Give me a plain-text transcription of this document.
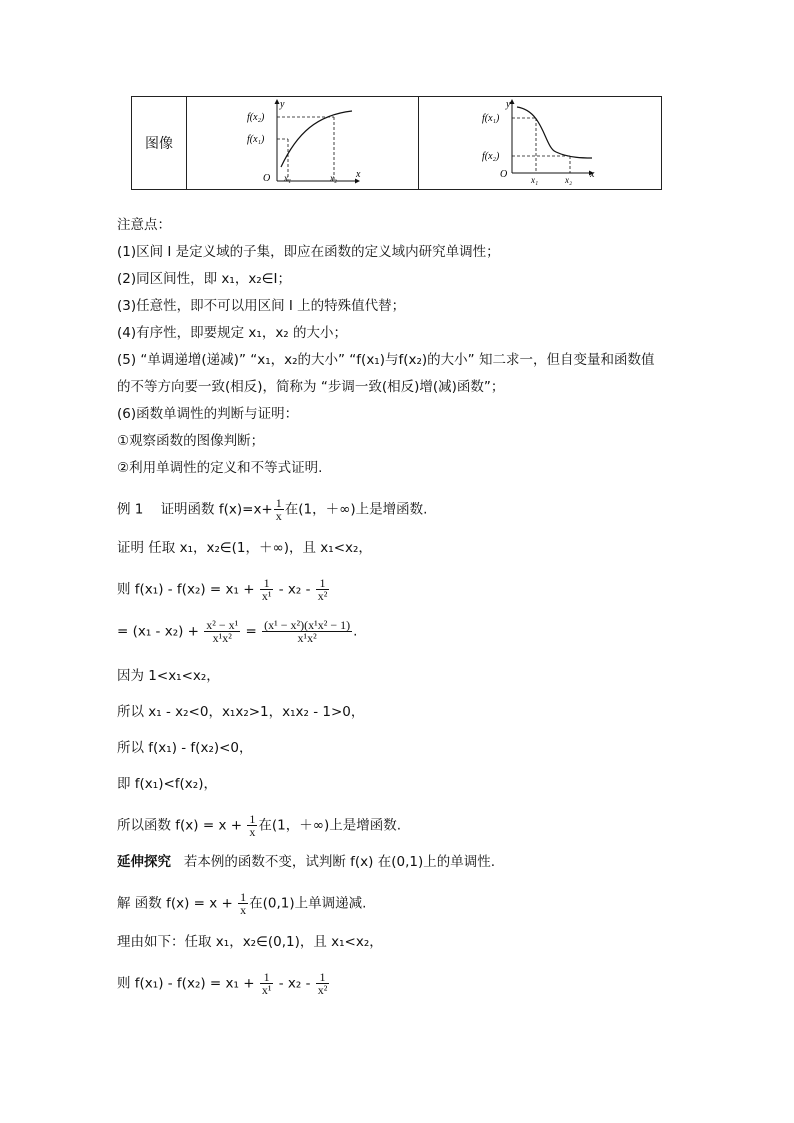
图像
f(x₂)
f(x₁)
y
x
O x₁	x₂
f(x₁)
f(x₂)
y
x
O	x₁	x₂
注意点：
(1)区间 I 是定义域的子集，即应在函数的定义域内研究单调性；
(2)同区间性，即 x₁，x₂∈I；
(3)任意性，即不可以用区间 I 上的特殊值代替；
(4)有序性，即要规定 x₁，x₂ 的大小；
(5) “单调递增(递减)” “x₁，x₂的大小” “f(x₁)与f(x₂)的大小” 知二求一，但自变量和函数值
的不等方向要一致(相反)，简称为 “步调一致(相反)增(减)函数”；
(6)函数单调性的判断与证明：
①观察函数的图像判断；
②利用单调性的定义和不等式证明.
例 1 证明函数 $f(x)=x+ \frac{1}{x}$ 在(1，＋∞)上是增函数.
证明 任取 x₁，x₂∈(1，＋∞)，且 x₁<x₂，
则 $f(x_1) - f(x_2) = x_1 + \frac{1}{\text{x¹}} - x_2 - \frac{1}{\text{x²}}$
= $(x_1 - x_2) + \frac{\text{x² − x¹}}{\text{x¹x²}} = \frac{\text{(x¹ − x²)(x¹x² − 1)}}{\text{x¹x²}}$ .
因为 1<x₁<x₂，
所以 x₁ - x₂<0，x₁x₂>1，x₁x₂ - 1>0，
所以 f(x₁) - f(x₂)<0，
即 f(x₁)<f(x₂)，
所以函数 $f(x) = x + \frac{1}{x}$ 在(1，＋∞)上是增函数.
延伸探究 若本例的函数不变，试判断 f(x) 在(0,1)上的单调性.
解 函数 $f(x) = x + \frac{1}{x}$ 在(0,1)上单调递减.
理由如下：任取 x₁，x₂∈(0,1)，且 x₁<x₂，
则 $f(x_1) - f(x_2) = x_1 + \frac{1}{\text{x¹}} - x_2 - \frac{1}{\text{x²}}$
